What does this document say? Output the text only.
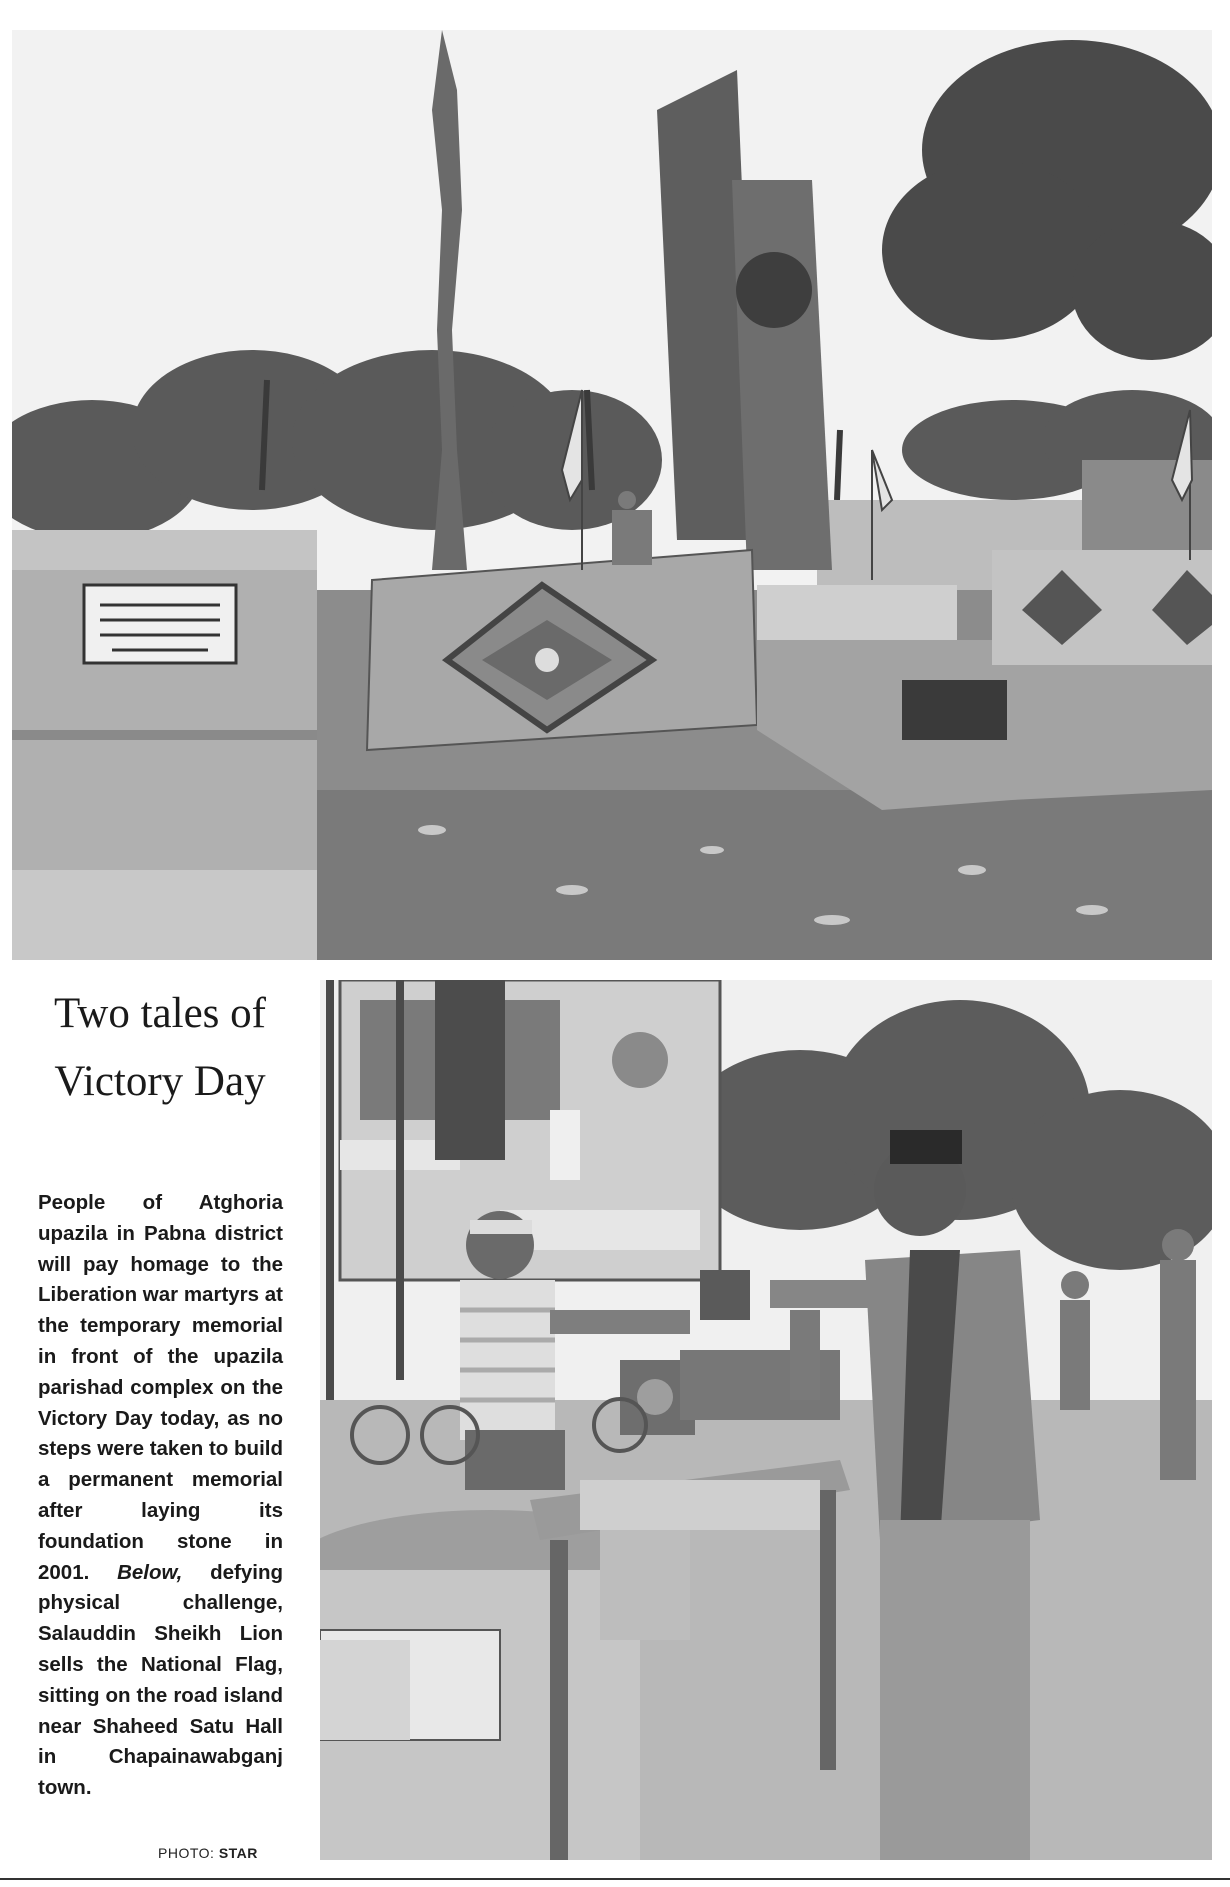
Two tales of Victory Day

People of Atghoria upazila in Pabna district will pay homage to the Liberation war martyrs at the temporary memorial in front of the upazila parishad complex on the Victory Day today, as no steps were taken to build a permanent memorial after laying its foundation stone in 2001. Below, defying physical challenge, Salauddin Sheikh Lion sells the National Flag, sitting on the road island near Shaheed Satu Hall in Chapainawabganj town.

PHOTO: STAR
